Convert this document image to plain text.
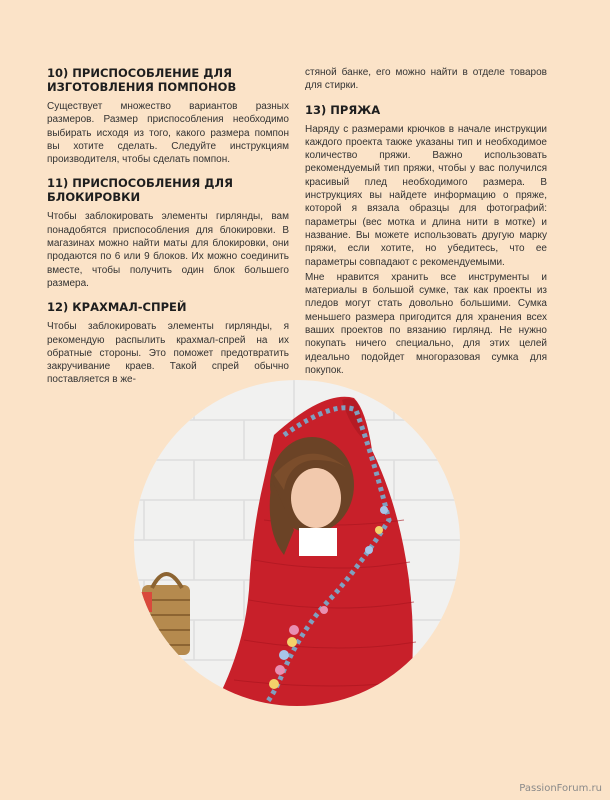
10) ПРИСПОСОБЛЕНИЕ ДЛЯ ИЗГОТОВЛЕНИЯ ПОМПОНОВ

Существует множество вариантов разных размеров. Размер приспособления необходимо выбирать исходя из того, какого размера помпон вы хотите сделать. Следуйте инструкциям производителя, чтобы сделать помпон.

11) ПРИСПОСОБЛЕНИЯ ДЛЯ БЛОКИРОВКИ

Чтобы заблокировать элементы гирлянды, вам понадобятся приспособления для блокировки. В магазинах можно найти маты для блокировки, они продаются по 6 или 9 блоков. Их можно соединить вместе, чтобы получить один блок большего размера.

12) КРАХМАЛ-СПРЕЙ

Чтобы заблокировать элементы гирлянды, я рекомендую распылить крахмал-спрей на их обратные стороны. Это поможет предотвратить закручивание краев. Такой спрей обычно поставляется в же-

стяной банке, его можно найти в отделе товаров для стирки.

13) ПРЯЖА

Наряду с размерами крючков в начале инструкции каждого проекта также указаны тип и необходимое количество пряжи. Важно использовать рекомендуемый тип пряжи, чтобы у вас получился красивый плед необходимого размера. В инструкциях вы найдете информацию о пряже, которой я вязала образцы для фотографий: параметры (вес мотка и длина нити в мотке) и название. Вы можете использовать другую марку пряжи, если хотите, но убедитесь, что ее параметры совпадают с рекомендуемыми.

Мне нравится хранить все инструменты и материалы в большой сумке, так как проекты из пледов могут стать довольно большими. Сумка меньшего размера пригодится для хранения всех ваших проектов по вязанию гирлянд. Не нужно покупать ничего специально, для этих целей идеально подойдет многоразовая сумка для покупок.

PassionForum.ru
